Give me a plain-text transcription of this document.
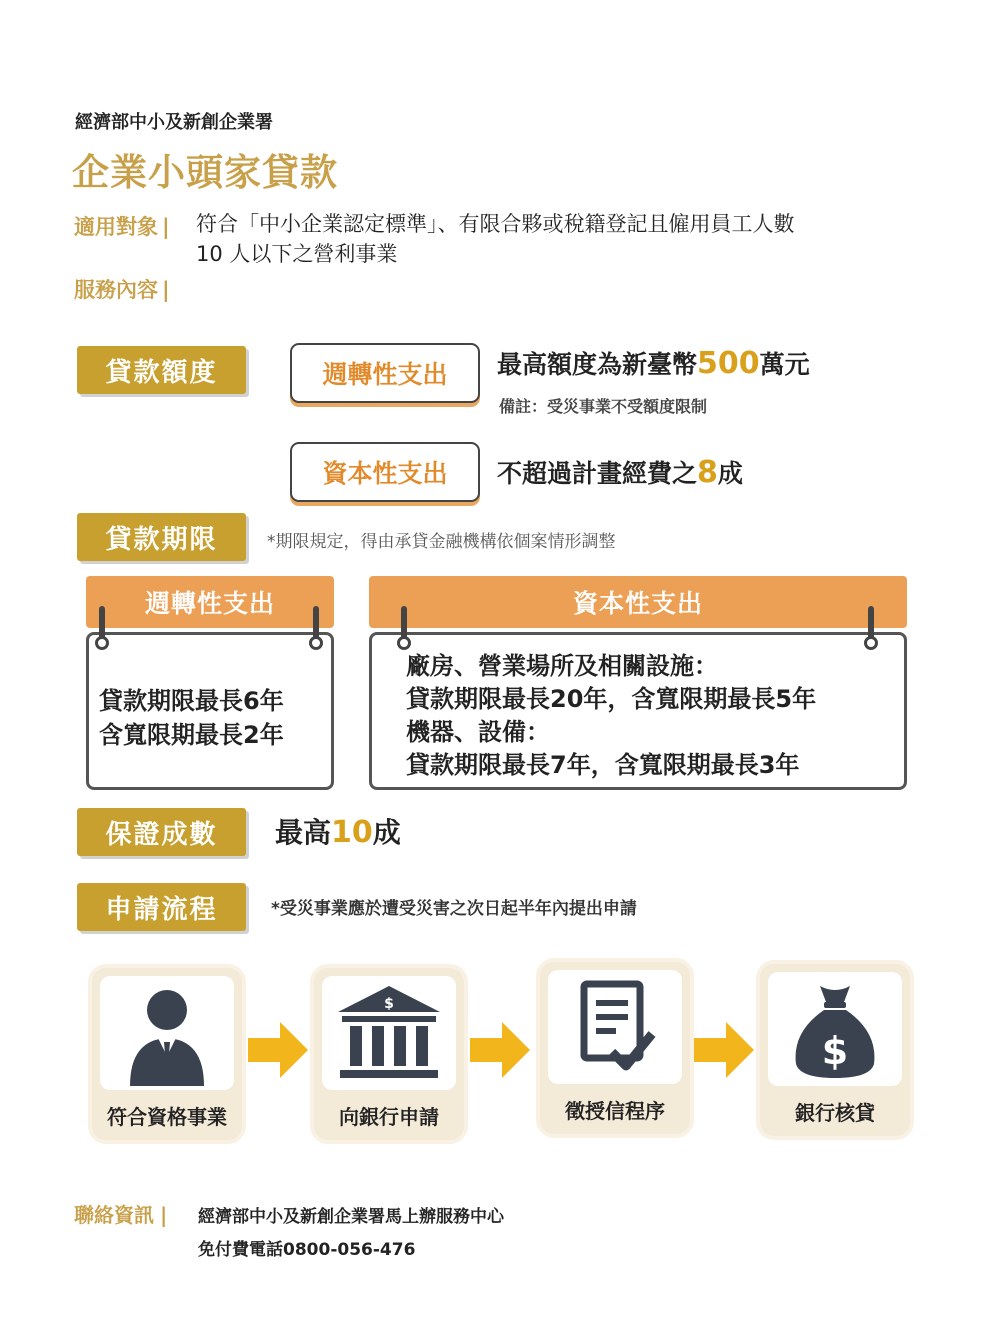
經濟部中小及新創企業署
企業小頭家貸款
適用對象 | 符合「中小企業認定標準」、有限合夥或稅籍登記且僱用員工人數
10 人以下之營利事業
服務內容 |
貸款額度	週轉性支出	最高額度為新臺幣500萬元
備註：受災事業不受額度限制
資本性支出	不超過計畫經費之8成
貸款期限	*期限規定，得由承貸金融機構依個案情形調整
週轉性支出
貸款期限最長6年
含寬限期最長2年
資本性支出
廠房、營業場所及相關設施：
貸款期限最長20年，含寬限期最長5年
機器、設備：
貸款期限最長7年，含寬限期最長3年
保證成數	最高10成
申請流程	*受災事業應於遭受災害之次日起半年內提出申請
符合資格事業
$
向銀行申請	徵授信程序
$
銀行核貸
聯絡資訊 | 經濟部中小及新創企業署馬上辦服務中心
免付費電話0800-056-476
